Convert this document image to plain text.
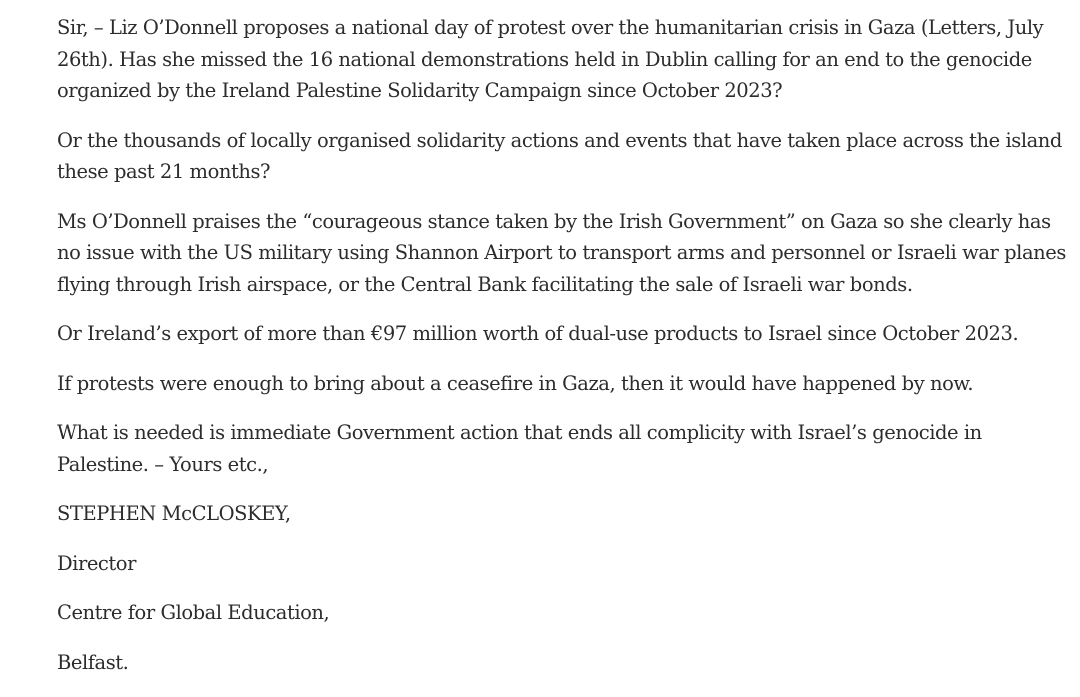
Sir, – Liz O’Donnell proposes a national day of protest over the humanitarian crisis in Gaza (Letters, July 26th). Has she missed the 16 national demonstrations held in Dublin calling for an end to the genocide organized by the Ireland Palestine Solidarity Campaign since October 2023?

Or the thousands of locally organised solidarity actions and events that have taken place across the island these past 21 months?

Ms O’Donnell praises the “courageous stance taken by the Irish Government” on Gaza so she clearly has no issue with the US military using Shannon Airport to transport arms and personnel or Israeli war planes flying through Irish airspace, or the Central Bank facilitating the sale of Israeli war bonds.

Or Ireland’s export of more than €97 million worth of dual-use products to Israel since October 2023.

If protests were enough to bring about a ceasefire in Gaza, then it would have happened by now.

What is needed is immediate Government action that ends all complicity with Israel’s genocide in Palestine. – Yours etc.,

STEPHEN McCLOSKEY,

Director

Centre for Global Education,

Belfast.
